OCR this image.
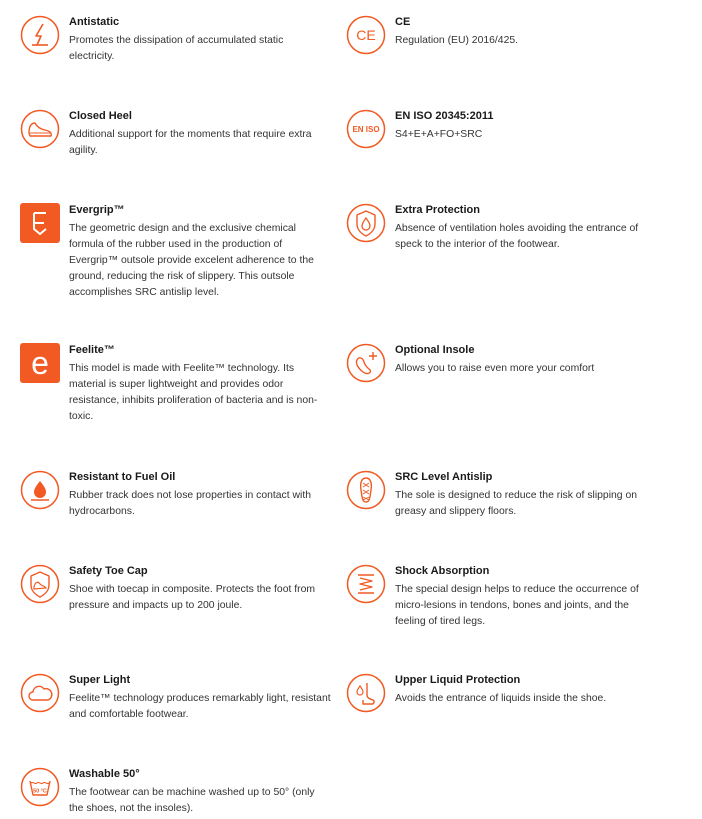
Antistatic

Promotes the dissipation of accumulated static electricity.

CE
CE

Regulation (EU) 2016/425.

Closed Heel

Additional support for the moments that require extra agility.

EN ISO
EN ISO 20345:2011

S4+E+A+FO+SRC

Evergrip™

The geometric design and the exclusive chemical formula of the rubber used in the production of Evergrip™ outsole provide excelent adherence to the ground, reducing the risk of slippery. This outsole accomplishes SRC antislip level.

Extra Protection

Absence of ventilation holes avoiding the entrance of speck to the interior of the footwear.

e Feelite™

This model is made with Feelite™ technology. Its material is super lightweight and provides odor resistance, inhibits proliferation of bacteria and is non-toxic.

Optional Insole

Allows you to raise even more your comfort

Resistant to Fuel Oil

Rubber track does not lose properties in contact with hydrocarbons.

SRC Level Antislip

The sole is designed to reduce the risk of slipping on greasy and slippery floors.

Safety Toe Cap

Shoe with toecap in composite. Protects the foot from pressure and impacts up to 200 joule.

Shock Absorption

The special design helps to reduce the occurrence of micro-lesions in tendons, bones and joints, and the feeling of tired legs.

Super Light

Feelite™ technology produces remarkably light, resistant and comfortable footwear.

Upper Liquid Protection

Avoids the entrance of liquids inside the shoe.

50 °C
Washable 50°

The footwear can be machine washed up to 50° (only the shoes, not the insoles).
